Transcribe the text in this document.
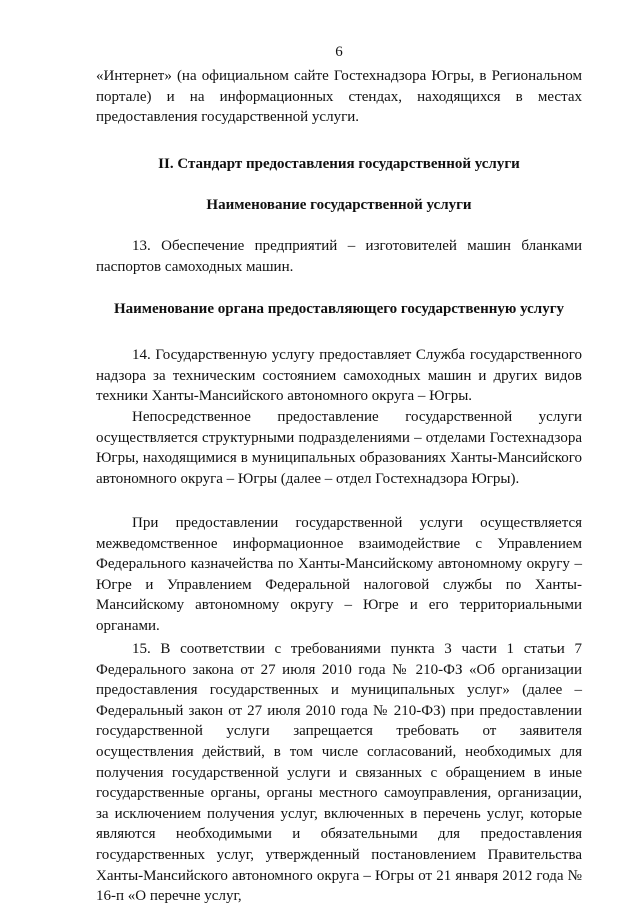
6

«Интернет» (на официальном сайте Гостехнадзора Югры, в Региональном портале) и на информационных стендах, находящихся в местах предоставления государственной услуги.

II. Стандарт предоставления государственной услуги
Наименование государственной услуги

13. Обеспечение предприятий – изготовителей машин бланками паспортов самоходных машин.

Наименование органа предоставляющего государственную услугу

14. Государственную услугу предоставляет Служба государственного надзора за техническим состоянием самоходных машин и других видов техники Ханты-Мансийского автономного округа – Югры.

Непосредственное предоставление государственной услуги осуществляется структурными подразделениями – отделами Гостехнадзора Югры, находящимися в муниципальных образованиях Ханты-Мансийского автономного округа – Югры (далее – отдел Гостехнадзора Югры).

При предоставлении государственной услуги осуществляется межведомственное информационное взаимодействие с Управлением Федерального казначейства по Ханты-Мансийскому автономному округу – Югре и Управлением Федеральной налоговой службы по Ханты-Мансийскому автономному округу – Югре и его территориальными органами.

15. В соответствии с требованиями пункта 3 части 1 статьи 7 Федерального закона от 27 июля 2010 года № 210-ФЗ «Об организации предоставления государственных и муниципальных услуг» (далее – Федеральный закон от 27 июля 2010 года № 210-ФЗ) при предоставлении государственной услуги запрещается требовать от заявителя осуществления действий, в том числе согласований, необходимых для получения государственной услуги и связанных с обращением в иные государственные органы, органы местного самоуправления, организации, за исключением получения услуг, включенных в перечень услуг, которые являются необходимыми и обязательными для предоставления государственных услуг, утвержденный постановлением Правительства Ханты-Мансийского автономного округа – Югры от 21 января 2012 года № 16-п «О перечне услуг,
